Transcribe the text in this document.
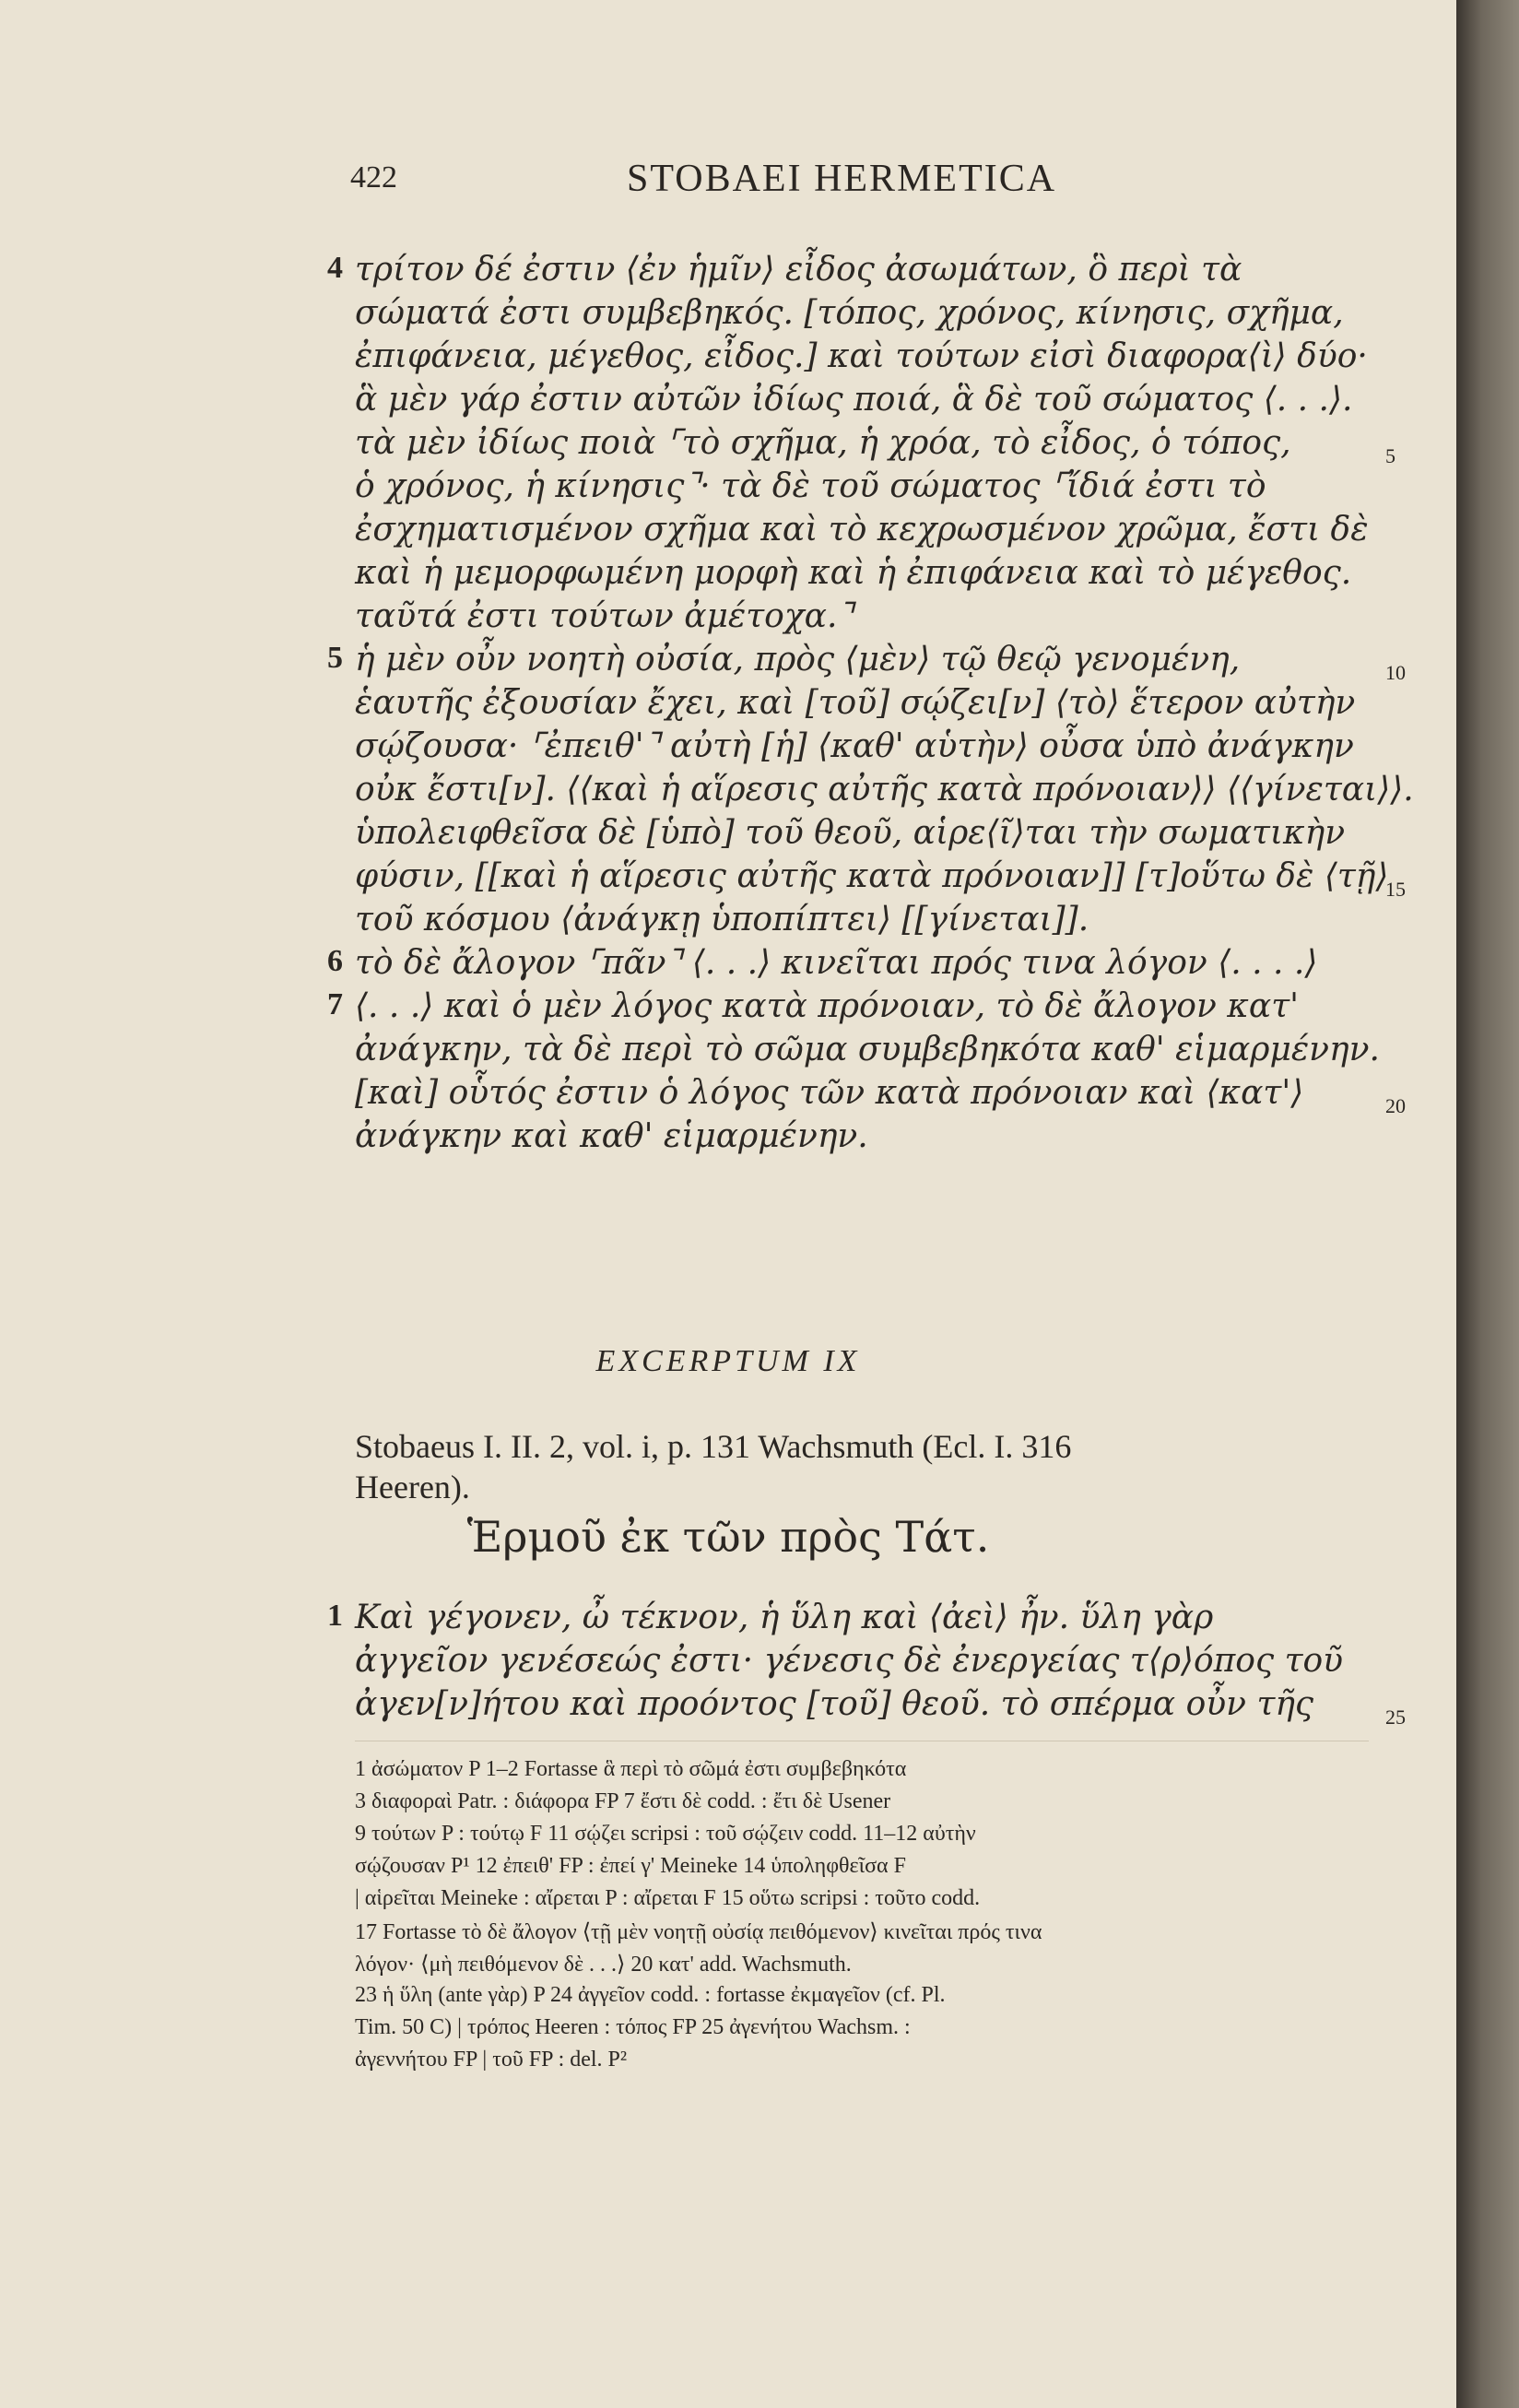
422	STOBAEI HERMETICA
4 τρίτον δέ ἐστιν ⟨ἐν ἡμῖν⟩ εἶδος ἀσωμάτων, ὃ περὶ τὰ
σώματά ἐστι συμβεβηκός. [τόπος, χρόνος, κίνησις, σχῆμα,
ἐπιφάνεια, μέγεθος, εἶδος.] καὶ τούτων εἰσὶ διαφορα⟨ὶ⟩ δύο·
ἃ μὲν γάρ ἐστιν αὐτῶν ἰδίως ποιά, ἃ δὲ τοῦ σώματος ⟨. . .⟩.
τὰ μὲν ἰδίως ποιὰ ⌜τὸ σχῆμα, ἡ χρόα, τὸ εἶδος, ὁ τόπος,
ὁ χρόνος, ἡ κίνησις⌝· τὰ δὲ τοῦ σώματος ⌜ἴδιά ἐστι τὸ
ἐσχηματισμένον σχῆμα καὶ τὸ κεχρωσμένον χρῶμα, ἔστι δὲ
καὶ ἡ μεμορφωμένη μορφὴ καὶ ἡ ἐπιφάνεια καὶ τὸ μέγεθος.
ταῦτά ἐστι τούτων ἀμέτοχα.⌝
5 ἡ μὲν οὖν νοητὴ οὐσία, πρὸς ⟨μὲν⟩ τῷ θεῷ γενομένη,
ἑαυτῆς ἐξουσίαν ἔχει, καὶ [τοῦ] σῴζει[ν] ⟨τὸ⟩ ἕτερον αὐτὴν
σῴζουσα· ⌜ἐπειθ'⌝ αὐτὴ [ἡ] ⟨καθ' αὑτὴν⟩ οὖσα ὑπὸ ἀνάγκην
οὐκ ἔστι[ν]. ⟨⟨καὶ ἡ αἵρεσις αὐτῆς κατὰ πρόνοιαν⟩⟩ ⟨⟨γίνεται⟩⟩.
ὑπολειφθεῖσα δὲ [ὑπὸ] τοῦ θεοῦ, αἱρε⟨ῖ⟩ται τὴν σωματικὴν
φύσιν, [[καὶ ἡ αἵρεσις αὐτῆς κατὰ πρόνοιαν]] [τ]οὕτω δὲ ⟨τῇ⟩
τοῦ κόσμου ⟨ἀνάγκῃ ὑποπίπτει⟩ [[γίνεται]].
6 τὸ δὲ ἄλογον ⌜πᾶν⌝ ⟨. . .⟩ κινεῖται πρός τινα λόγον ⟨. . . .⟩
7 ⟨. . .⟩ καὶ ὁ μὲν λόγος κατὰ πρόνοιαν, τὸ δὲ ἄλογον κατ'
ἀνάγκην, τὰ δὲ περὶ τὸ σῶμα συμβεβηκότα καθ' εἱμαρμένην.
[καὶ] οὗτός ἐστιν ὁ λόγος τῶν κατὰ πρόνοιαν καὶ ⟨κατ'⟩
ἀνάγκην καὶ καθ' εἱμαρμένην.
5
10
15
20
EXCERPTUM IX
Stobaeus I. II. 2, vol. i, p. 131 Wachsmuth (Ecl. I. 316
Heeren).
Ἑρμοῦ ἐκ τῶν πρὸς Τάτ.
1 Καὶ γέγονεν, ὦ τέκνον, ἡ ὕλη καὶ ⟨ἀεὶ⟩ ἦν. ὕλη γὰρ
ἀγγεῖον γενέσεώς ἐστι· γένεσις δὲ ἐνεργείας τ⟨ρ⟩όπος τοῦ
ἀγεν[ν]ήτου καὶ προόντος [τοῦ] θεοῦ. τὸ σπέρμα οὖν τῆς	25
1 ἀσώματον P 1–2 Fortasse ἃ περὶ τὸ σῶμά ἐστι συμβεβηκότα
3 διαφοραὶ Patr. : διάφορα FP 7 ἔστι δὲ codd. : ἔτι δὲ Usener
9 τούτων P : τούτῳ F 11 σῴζει scripsi : τοῦ σῴζειν codd. 11–12 αὐτὴν
σῴζουσαν P¹ 12 ἐπειθ' FP : ἐπεί γ' Meineke 14 ὑποληφθεῖσα F
| αἱρεῖται Meineke : αἴρεται P : αἴρεται F 15 οὕτω scripsi : τοῦτο codd.
17 Fortasse τὸ δὲ ἄλογον ⟨τῇ μὲν νοητῇ οὐσίᾳ πειθόμενον⟩ κινεῖται πρός τινα
λόγον· ⟨μὴ πειθόμενον δὲ . . .⟩ 20 κατ' add. Wachsmuth.
23 ἡ ὕλη (ante γὰρ) P 24 ἀγγεῖον codd. : fortasse ἐκμαγεῖον (cf. Pl.
Tim. 50 C) | τρόπος Heeren : τόπος FP 25 ἀγενήτου Wachsm. :
ἀγεννήτου FP | τοῦ FP : del. P²
